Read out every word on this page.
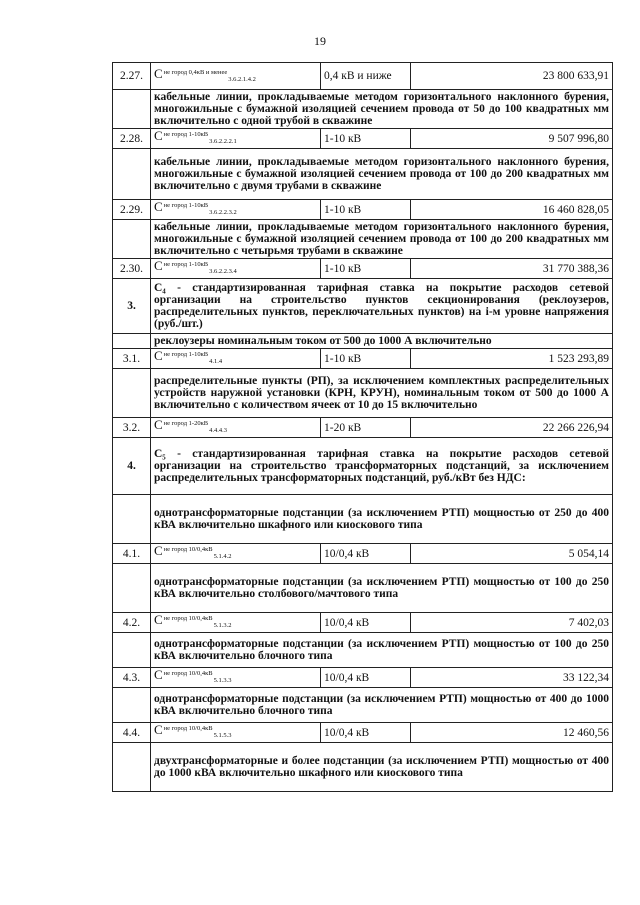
19
2.27.	$C^{не город 0,4кВ и менее}_{3.6.2.1.4.2}$	0,4 кВ и ниже	23 800 633,91
	кабельные линии, прокладываемые методом горизонтального наклонного бурения, многожильные с бумажной изоляцией сечением провода от 50 до 100 квадратных мм включительно с одной трубой в скважине		
2.28.	$C^{не город 1-10кВ}_{3.6.2.2.2.1}$	1-10 кВ	9 507 996,80
	кабельные линии, прокладываемые методом горизонтального наклонного бурения, многожильные с бумажной изоляцией сечением провода от 100 до 200 квадратных мм включительно с двумя трубами в скважине		
2.29.	$C^{не город 1-10кВ}_{3.6.2.2.3.2}$	1-10 кВ	16 460 828,05
	кабельные линии, прокладываемые методом горизонтального наклонного бурения, многожильные с бумажной изоляцией сечением провода от 100 до 200 квадратных мм включительно с четырьмя трубами в скважине		
2.30.	$C^{не город 1-10кВ}_{3.6.2.2.3.4}$	1-10 кВ	31 770 388,36
3.	С₄ - стандартизированная тарифная ставка на покрытие расходов сетевой организации на строительство пунктов секционирования (реклоузеров, распределительных пунктов, переключательных пунктов) на i-м уровне напряжения (руб./шт.)		
	реклоузеры номинальным током от 500 до 1000 А включительно		
3.1.	$C^{не город 1-10кВ}_{4.1.4}$	1-10 кВ	1 523 293,89
	распределительные пункты (РП), за исключением комплектных распределительных устройств наружной установки (КРН, КРУН), номинальным током от 500 до 1000 А включительно с количеством ячеек от 10 до 15 включительно		
3.2.	$C^{не город 1-20кВ}_{4.4.4.3}$	1-20 кВ	22 266 226,94
4.	С₅ - стандартизированная тарифная ставка на покрытие расходов сетевой организации на строительство трансформаторных подстанций, за исключением распределительных трансформаторных подстанций, руб./кВт без НДС:		
	однотрансформаторные подстанции (за исключением РТП) мощностью от 250 до 400 кВА включительно шкафного или киоскового типа		
4.1.	$C^{не город 10/0,4кВ}_{5.1.4.2}$	10/0,4 кВ	5 054,14
	однотрансформаторные подстанции (за исключением РТП) мощностью от 100 до 250 кВА включительно столбового/мачтового типа		
4.2.	$C^{не город 10/0,4кВ}_{5.1.3.2}$	10/0,4 кВ	7 402,03
	однотрансформаторные подстанции (за исключением РТП) мощностью от 100 до 250 кВА включительно блочного типа		
4.3.	$C^{не город 10/0,4кВ}_{5.1.3.3}$	10/0,4 кВ	33 122,34
	однотрансформаторные подстанции (за исключением РТП) мощностью от 400 до 1000 кВА включительно блочного типа		
4.4.	$C^{не город 10/0,4кВ}_{5.1.5.3}$	10/0,4 кВ	12 460,56
	двухтрансформаторные и более подстанции (за исключением РТП) мощностью от 400 до 1000 кВА включительно шкафного или киоскового типа		
